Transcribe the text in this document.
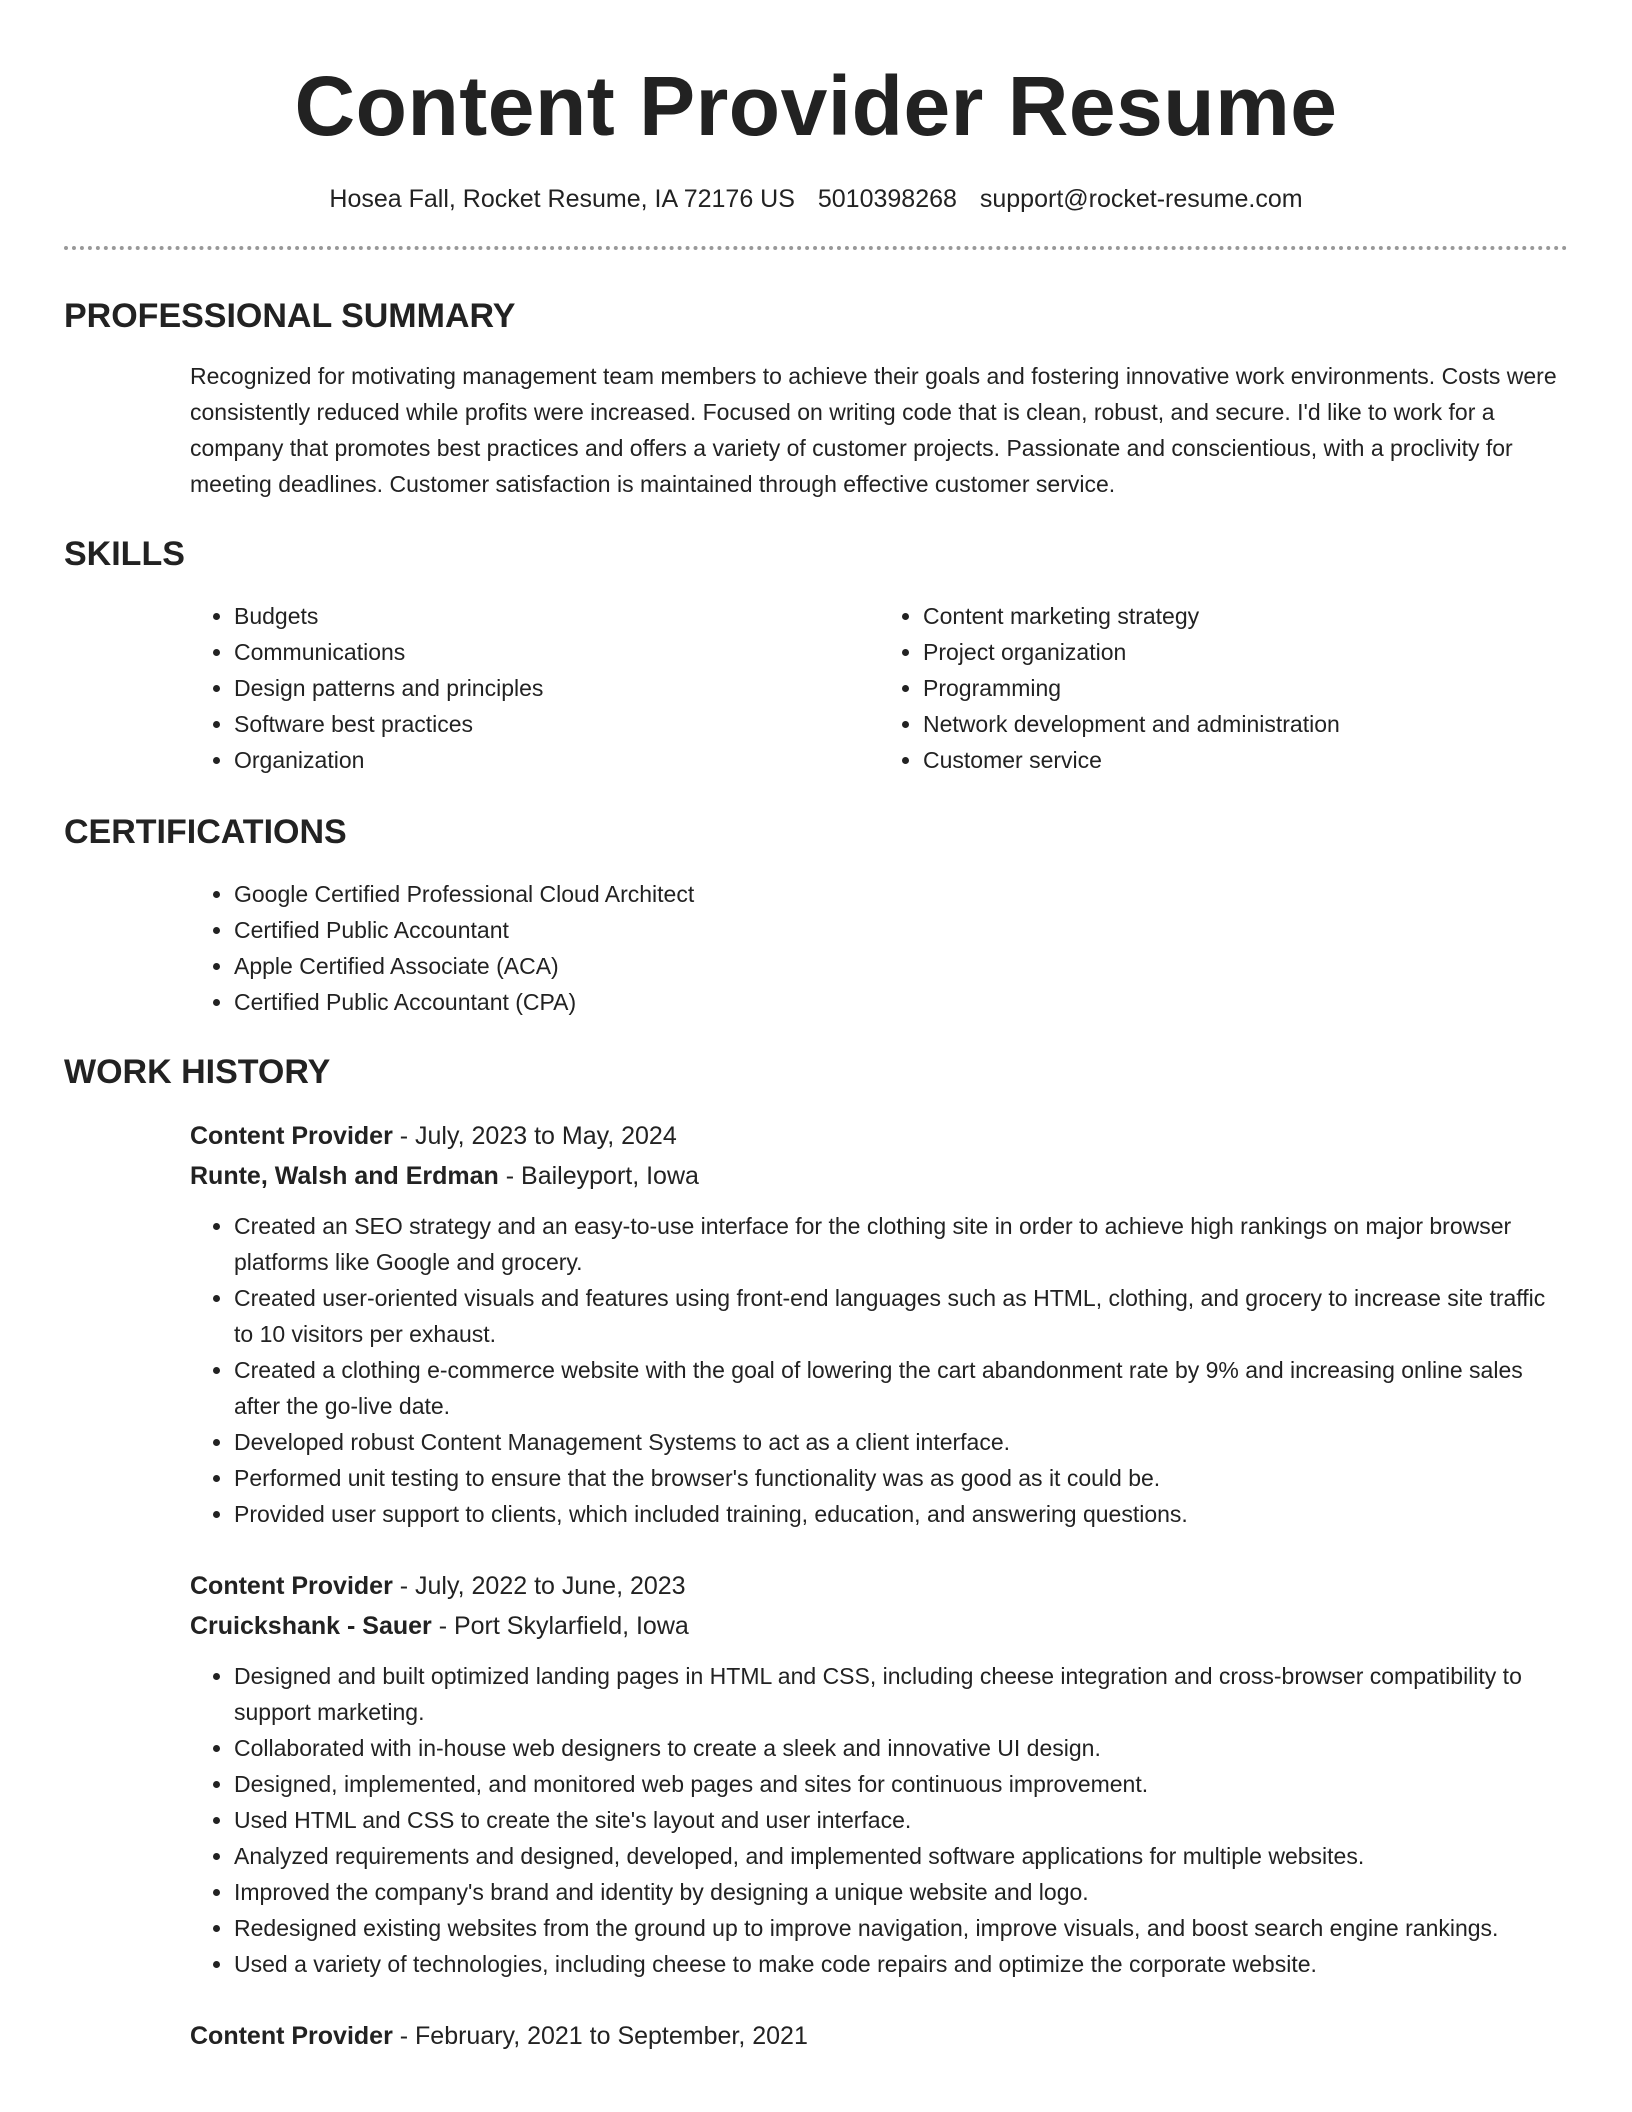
Content Provider Resume
Hosea Fall, Rocket Resume, IA 72176 US 5010398268 support@rocket-resume.com
PROFESSIONAL SUMMARY
Recognized for motivating management team members to achieve their goals and fostering innovative work environments. Costs were consistently reduced while profits were increased. Focused on writing code that is clean, robust, and secure. I'd like to work for a company that promotes best practices and offers a variety of customer projects. Passionate and conscientious, with a proclivity for meeting deadlines. Customer satisfaction is maintained through effective customer service.
SKILLS
• Budgets
• Communications
• Design patterns and principles
• Software best practices
• Organization
• Content marketing strategy
• Project organization
• Programming
• Network development and administration
• Customer service
CERTIFICATIONS
• Google Certified Professional Cloud Architect
• Certified Public Accountant
• Apple Certified Associate (ACA)
• Certified Public Accountant (CPA)
WORK HISTORY
Content Provider - July, 2023 to May, 2024
Runte, Walsh and Erdman - Baileyport, Iowa
• Created an SEO strategy and an easy-to-use interface for the clothing site in order to achieve high rankings on major browser platforms like Google and grocery.
• Created user-oriented visuals and features using front-end languages such as HTML, clothing, and grocery to increase site traffic to 10 visitors per exhaust.
• Created a clothing e-commerce website with the goal of lowering the cart abandonment rate by 9% and increasing online sales after the go-live date.
• Developed robust Content Management Systems to act as a client interface.
• Performed unit testing to ensure that the browser's functionality was as good as it could be.
• Provided user support to clients, which included training, education, and answering questions.
Content Provider - July, 2022 to June, 2023
Cruickshank - Sauer - Port Skylarfield, Iowa
• Designed and built optimized landing pages in HTML and CSS, including cheese integration and cross-browser compatibility to support marketing.
• Collaborated with in-house web designers to create a sleek and innovative UI design.
• Designed, implemented, and monitored web pages and sites for continuous improvement.
• Used HTML and CSS to create the site's layout and user interface.
• Analyzed requirements and designed, developed, and implemented software applications for multiple websites.
• Improved the company's brand and identity by designing a unique website and logo.
• Redesigned existing websites from the ground up to improve navigation, improve visuals, and boost search engine rankings.
• Used a variety of technologies, including cheese to make code repairs and optimize the corporate website.
Content Provider - February, 2021 to September, 2021
